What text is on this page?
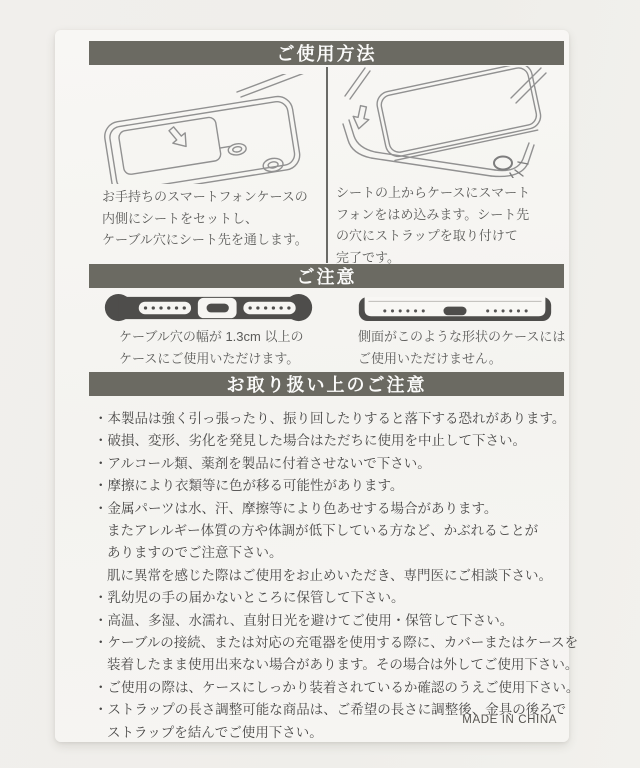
ご使用方法
お手持ちのスマートフォンケースの
内側にシートをセットし、
ケーブル穴にシート先を通します。
シートの上からケースにスマート
フォンをはめ込みます。シート先
の穴にストラップを取り付けて
完了です。
ご注意
ケーブル穴の幅が 1.3cm 以上の
ケースにご使用いただけます。
側面がこのような形状のケースには
ご使用いただけません。
お取り扱い上のご注意
・本製品は強く引っ張ったり、振り回したりすると落下する恐れがあります。
・破損、変形、劣化を発見した場合はただちに使用を中止して下さい。
・アルコール類、薬剤を製品に付着させないで下さい。
・摩擦により衣類等に色が移る可能性があります。
・金属パーツは水、汗、摩擦等により色あせする場合があります。
またアレルギー体質の方や体調が低下している方など、かぶれることが
ありますのでご注意下さい。
肌に異常を感じた際はご使用をお止めいただき、専門医にご相談下さい。
・乳幼児の手の届かないところに保管して下さい。
・高温、多湿、水濡れ、直射日光を避けてご使用・保管して下さい。
・ケーブルの接続、または対応の充電器を使用する際に、カバーまたはケースを
装着したまま使用出来ない場合があります。その場合は外してご使用下さい。
・ご使用の際は、ケースにしっかり装着されているか確認のうえご使用下さい。
・ストラップの長さ調整可能な商品は、ご希望の長さに調整後、金具の後ろで
ストラップを結んでご使用下さい。
MADE IN CHINA
